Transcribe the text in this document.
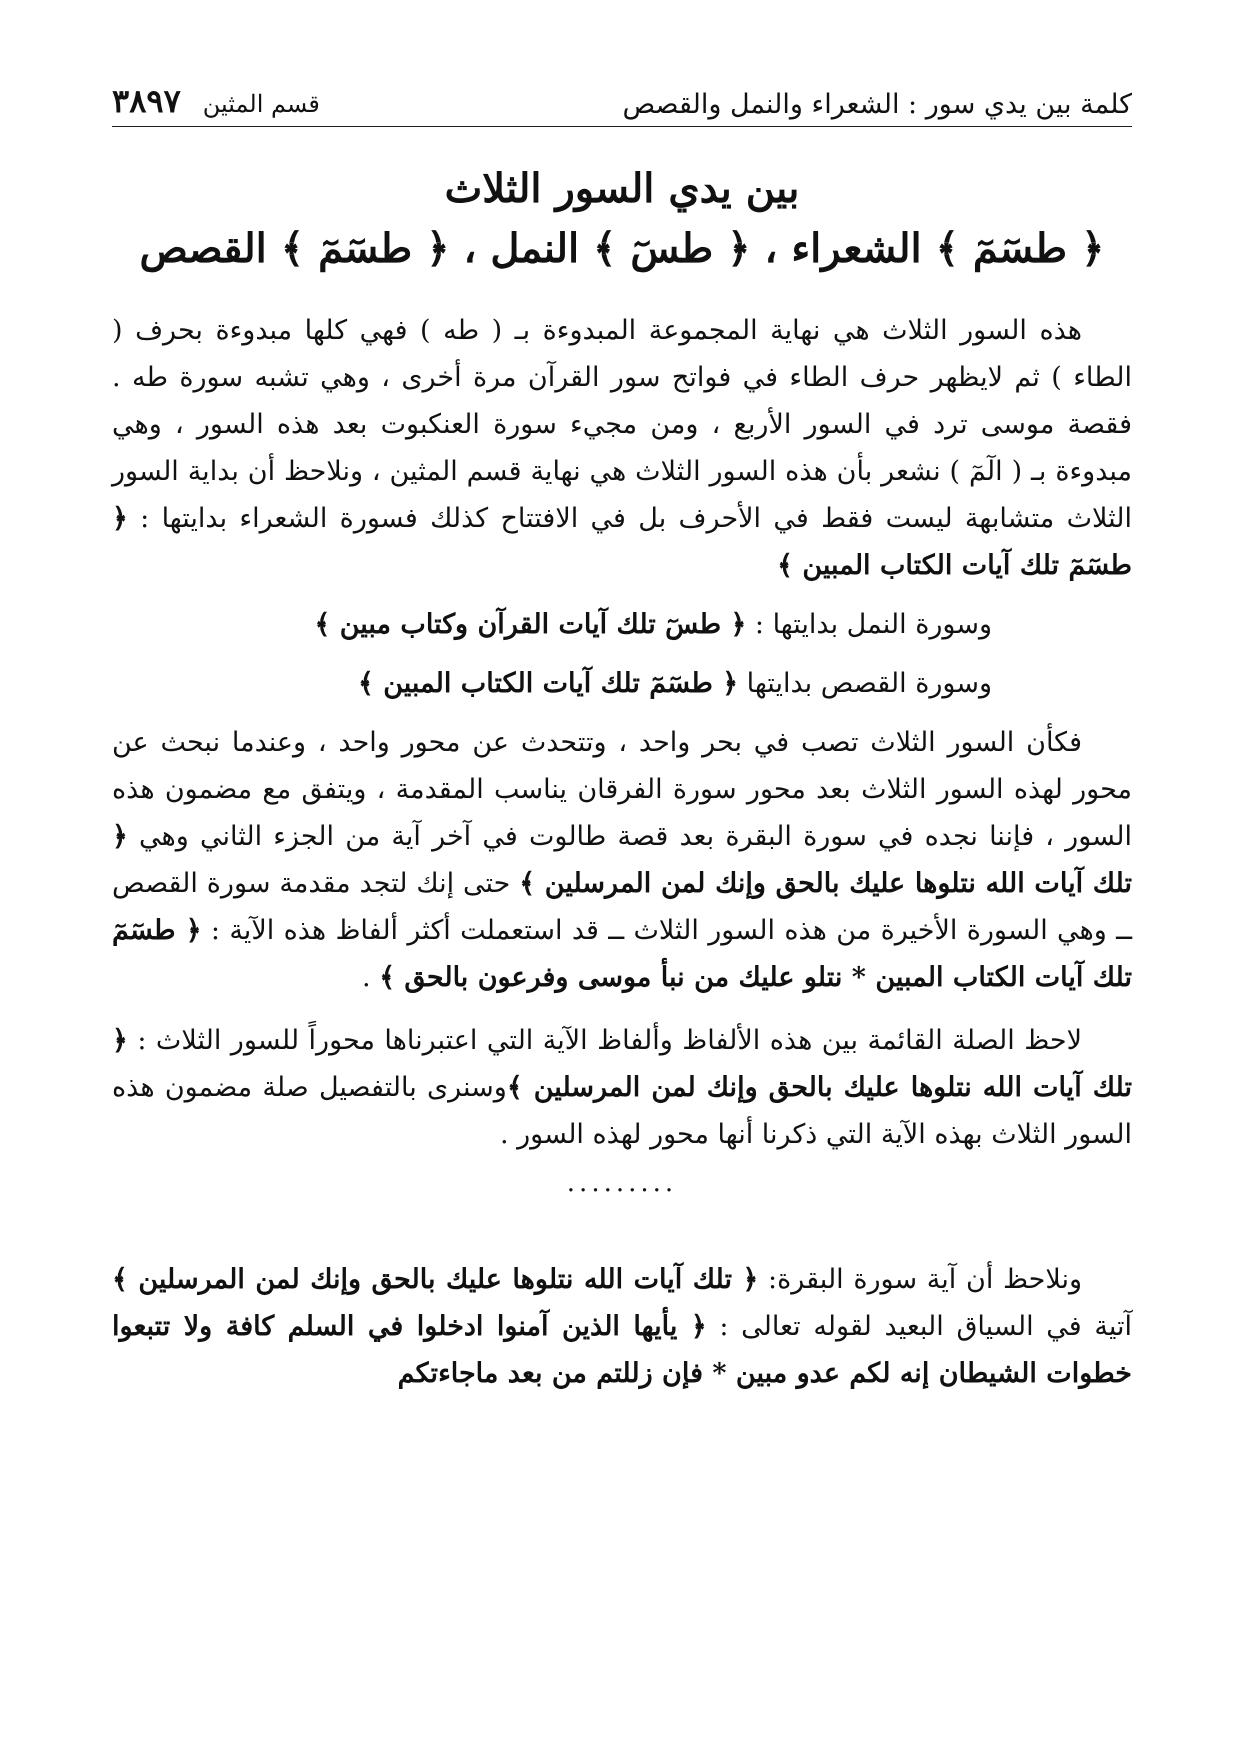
كلمة بين يدي سور : الشعراء والنمل والقصص
قسم المثين
٣٨٩٧
بين يدي السور الثلاث
﴿ طسٓمٓ ﴾ الشعراء ، ﴿ طسٓ ﴾ النمل ، ﴿ طسٓمٓ ﴾ القصص

هذه السور الثلاث هي نهاية المجموعة المبدوءة بـ ( طه ) فهي كلها مبدوءة بحرف ( الطاء ) ثم لايظهر حرف الطاء في فواتح سور القرآن مرة أخرى ، وهي تشبه سورة طه . فقصة موسى ترد في السور الأربع ، ومن مجيء سورة العنكبوت بعد هذه السور ، وهي مبدوءة بـ ( الٓمٓ ) نشعر بأن هذه السور الثلاث هي نهاية قسم المثين ، ونلاحظ أن بداية السور الثلاث متشابهة ليست فقط في الأحرف بل في الافتتاح كذلك فسورة الشعراء بدايتها : ﴿ طسٓمٓ تلك آيات الكتاب المبين ﴾

وسورة النمل بدايتها : ﴿ طسٓ تلك آيات القرآن وكتاب مبين ﴾

وسورة القصص بدايتها ﴿ طسٓمٓ تلك آيات الكتاب المبين ﴾

فكأن السور الثلاث تصب في بحر واحد ، وتتحدث عن محور واحد ، وعندما نبحث عن محور لهذه السور الثلاث بعد محور سورة الفرقان يناسب المقدمة ، ويتفق مع مضمون هذه السور ، فإننا نجده في سورة البقرة بعد قصة طالوت في آخر آية من الجزء الثاني وهي ﴿ تلك آيات الله نتلوها عليك بالحق وإنك لمن المرسلين ﴾ حتى إنك لتجد مقدمة سورة القصص ــ وهي السورة الأخيرة من هذه السور الثلاث ــ قد استعملت أكثر ألفاظ هذه الآية : ﴿ طسٓمٓ تلك آيات الكتاب المبين * نتلو عليك من نبأ موسى وفرعون بالحق ﴾ .

لاحظ الصلة القائمة بين هذه الألفاظ وألفاظ الآية التي اعتبرناها محوراً للسور الثلاث : ﴿ تلك آيات الله نتلوها عليك بالحق وإنك لمن المرسلين ﴾وسنرى بالتفصيل صلة مضمون هذه السور الثلاث بهذه الآية التي ذكرنا أنها محور لهذه السور .

.........

ونلاحظ أن آية سورة البقرة: ﴿ تلك آيات الله نتلوها عليك بالحق وإنك لمن المرسلين ﴾ آتية في السياق البعيد لقوله تعالى : ﴿ يأيها الذين آمنوا ادخلوا في السلم كافة ولا تتبعوا خطوات الشيطان إنه لكم عدو مبين * فإن زللتم من بعد ماجاءتكم
